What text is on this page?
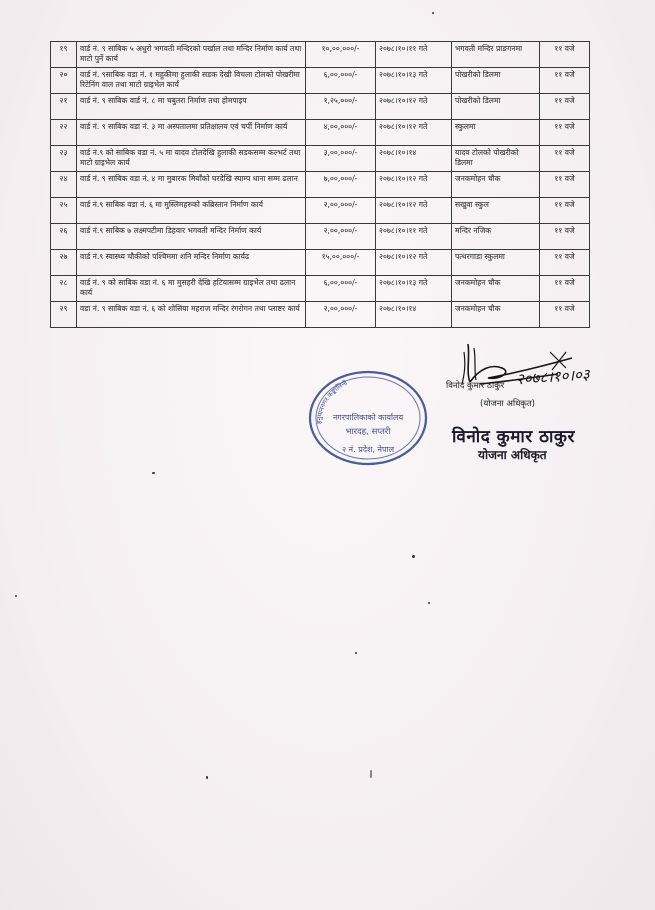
१९	वार्ड नं. ९ साबिक ५ अधुरो भगवती मन्दिरको पर्खाल तथा मन्दिर निर्माण कार्य तथा माटो पुर्ने कार्य	१०,००,०००/-	२०७८।१०।११ गते	भगवती मन्दिर प्राङगनमा	११ वजे
२०	वार्ड नं. ९साबिक वडा नं. १ महुकीमा हुलाकी सडक देखी विचला टोलको पोखरीमा रिटेनिंग वाल तथा माटो ग्राइभेल कार्य	६,००,०००/-	२०७८।१०।१३ गते	पोखरीको डिलमा	११ वजे
२१	वार्ड नं. ९ साबिक वार्ड नं. ८ मा चबुतरा निर्माण तथा होमपाइप	१,२५,०००/-	२०७८।१०।१२ गते	पोखरीको डिलमा	११ वजे
२२	वार्ड नं. ९ साबिक वडा नं. ३ मा अस्पतालमा प्रतिक्षालय एवं चर्पी निर्माण कार्य	४,००,०००/-	२०७८।१०।१२ गते	स्कुलमा	११ वजे
२३	वार्ड नं.९ को साबिक वडा नं. ५ मा यादव टोलदेखि हुलाकी सडकसम्म कल्भर्ट तथा माटो ग्राइभेल कार्य	३,००,०००/-	२०७८।१०।१४	यादव टोलको पोखरीको डिलमा	११ वजे
२४	वार्ड नं. ९ साबिक वडा नं. ४ मा मुबारक मियाँको घरदेखि स्याम्प धाना सम्म ढलान	७,००,०००/-	२०७८।१०।१२ गते	जनकमोहन चौक	११ वजे
२५	वार्ड नं.९ साबिक वडा नं. ६ मा मुस्लिमहरुको कब्रिस्तान निर्माण कार्य	२,००,०००/-	२०७८।१०।१२ गते	सखुवा स्कुल	११ वजे
२६	वार्ड नं.९ साबिक ७ लक्ष्मपटीमा डिहवार भगवती मन्दिर निर्माण कार्य	२,००,०००/-	२०७८।१०।११ गते	मन्दिर नजिक	११ वजे
२७	वार्ड नं.९ स्वास्थ्य चौकीको पश्चिममा शनि मन्दिर निर्माण कार्यढ	१५,००,०००/-	२०७८।१०।१२ गते	पत्थरगाडा स्कुलमा	११ वजे
२८	वार्ड नं. ९ को साबिक वडा नं. ६ मा मुसहरी देखि हटियासम्म ग्राइभेल तथा ढलान कार्य	६,००,०००/-	२०७८।१०।१३ गते	जनकमोहन चौक	११ वजे
२९	वडा नं. ९ साबिक वडा नं. ६ को शोसिया महराज मन्दिर रंगरोगन तथा प्लाष्टर कार्य	२,००,०००/-	२०७८।१०।१४	जनकमोहन चौक	११ वजे
२०७८।१०।०३
विनोद कुमार ठाकुर
(योजना अधिकृत)
हनुमाननगर कङ्कालिनी
नगरपालिकाको कार्यालय
भारदह, सप्तरी
२ नं. प्रदेश, नेपाल
विनोद कुमार ठाकुर
योजना अधिकृत
